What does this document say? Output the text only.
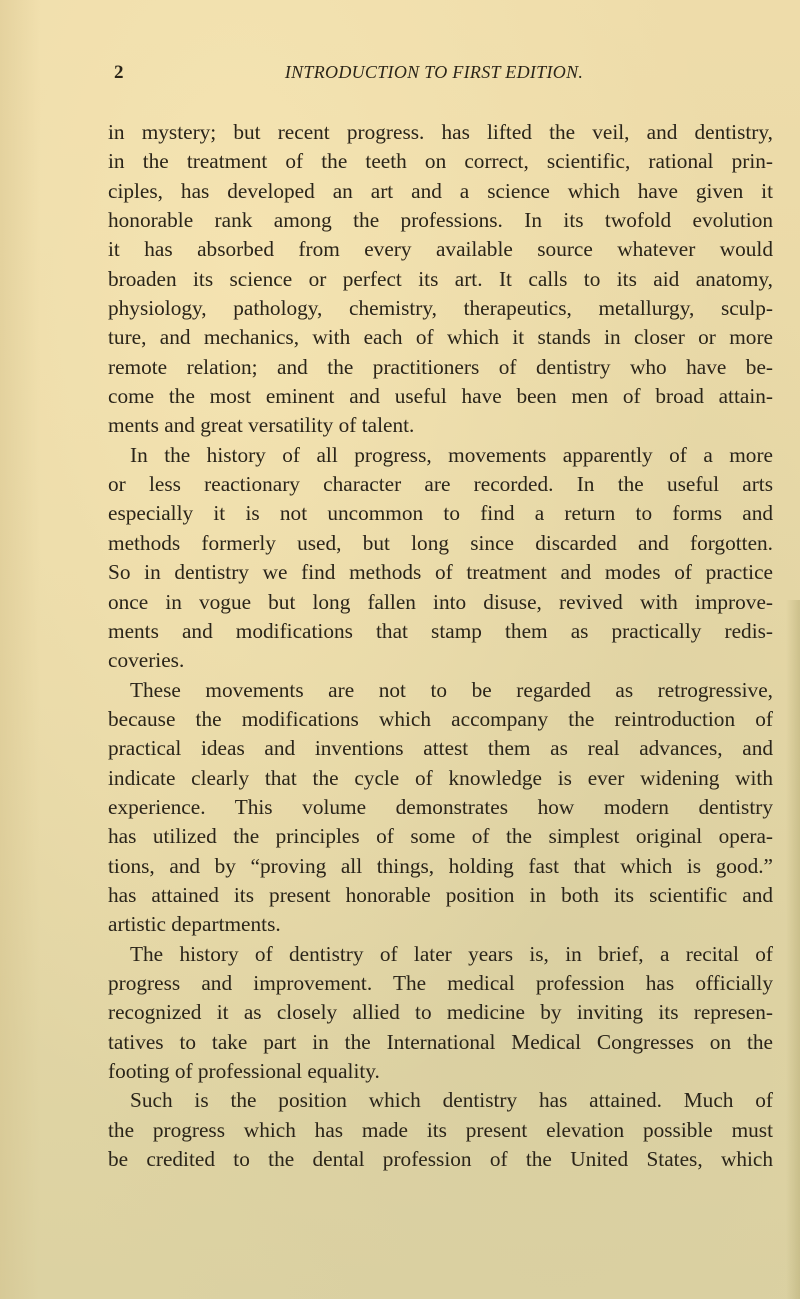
2	INTRODUCTION TO FIRST EDITION.
in mystery; but recent progress. has lifted the veil, and dentistry,
in the treatment of the teeth on correct, scientific, rational prin-
ciples, has developed an art and a science which have given it
honorable rank among the professions. In its twofold evolution
it has absorbed from every available source whatever would
broaden its science or perfect its art. It calls to its aid anatomy,
physiology, pathology, chemistry, therapeutics, metallurgy, sculp-
ture, and mechanics, with each of which it stands in closer or more
remote relation; and the practitioners of dentistry who have be-
come the most eminent and useful have been men of broad attain-
ments and great versatility of talent.
In the history of all progress, movements apparently of a more
or less reactionary character are recorded. In the useful arts
especially it is not uncommon to find a return to forms and
methods formerly used, but long since discarded and forgotten.
So in dentistry we find methods of treatment and modes of practice
once in vogue but long fallen into disuse, revived with improve-
ments and modifications that stamp them as practically redis-
coveries.
These movements are not to be regarded as retrogressive,
because the modifications which accompany the reintroduction of
practical ideas and inventions attest them as real advances, and
indicate clearly that the cycle of knowledge is ever widening with
experience. This volume demonstrates how modern dentistry
has utilized the principles of some of the simplest original opera-
tions, and by “proving all things, holding fast that which is good.”
has attained its present honorable position in both its scientific and
artistic departments.
The history of dentistry of later years is, in brief, a recital of
progress and improvement. The medical profession has officially
recognized it as closely allied to medicine by inviting its represen-
tatives to take part in the International Medical Congresses on the
footing of professional equality.
Such is the position which dentistry has attained. Much of
the progress which has made its present elevation possible must
be credited to the dental profession of the United States, which
